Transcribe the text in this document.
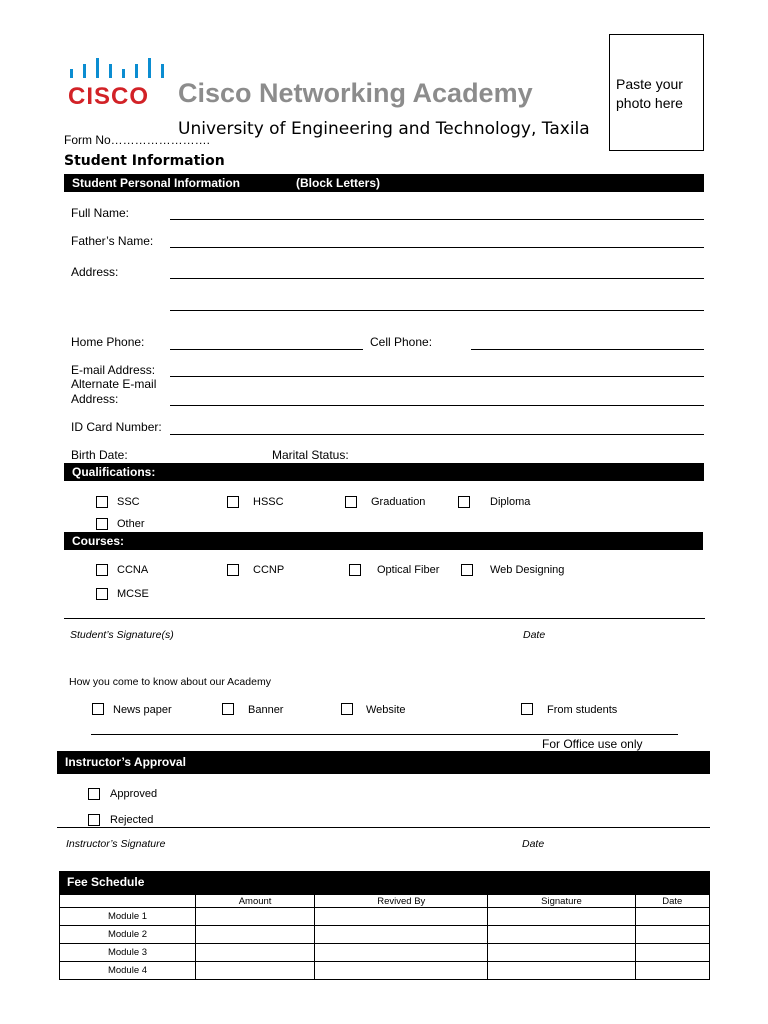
CISCO Cisco Networking Academy
University of Engineering and Technology, Taxila
Paste your photo here
Form No…………………….
Student Information
Student Personal Information	(Block Letters)
Full Name:
Father’s Name:
Address:
Home Phone:	Cell Phone:
E-mail Address:
Alternate E-mail
Address:
ID Card Number:
Birth Date:	Marital Status:
Qualifications:
SSC	HSSC	Graduation	Diploma
Other
Courses:
CCNA	CCNP	Optical Fiber	Web Designing
MCSE
Student’s Signature(s)	Date
How you come to know about our Academy
News paper	Banner	Website	From students
For Office use only
Instructor’s Approval
Approved
Rejected
Instructor’s Signature	Date
Fee Schedule
	Amount	Revived By	Signature	Date
Module 1				
Module 2				
Module 3				
Module 4				
